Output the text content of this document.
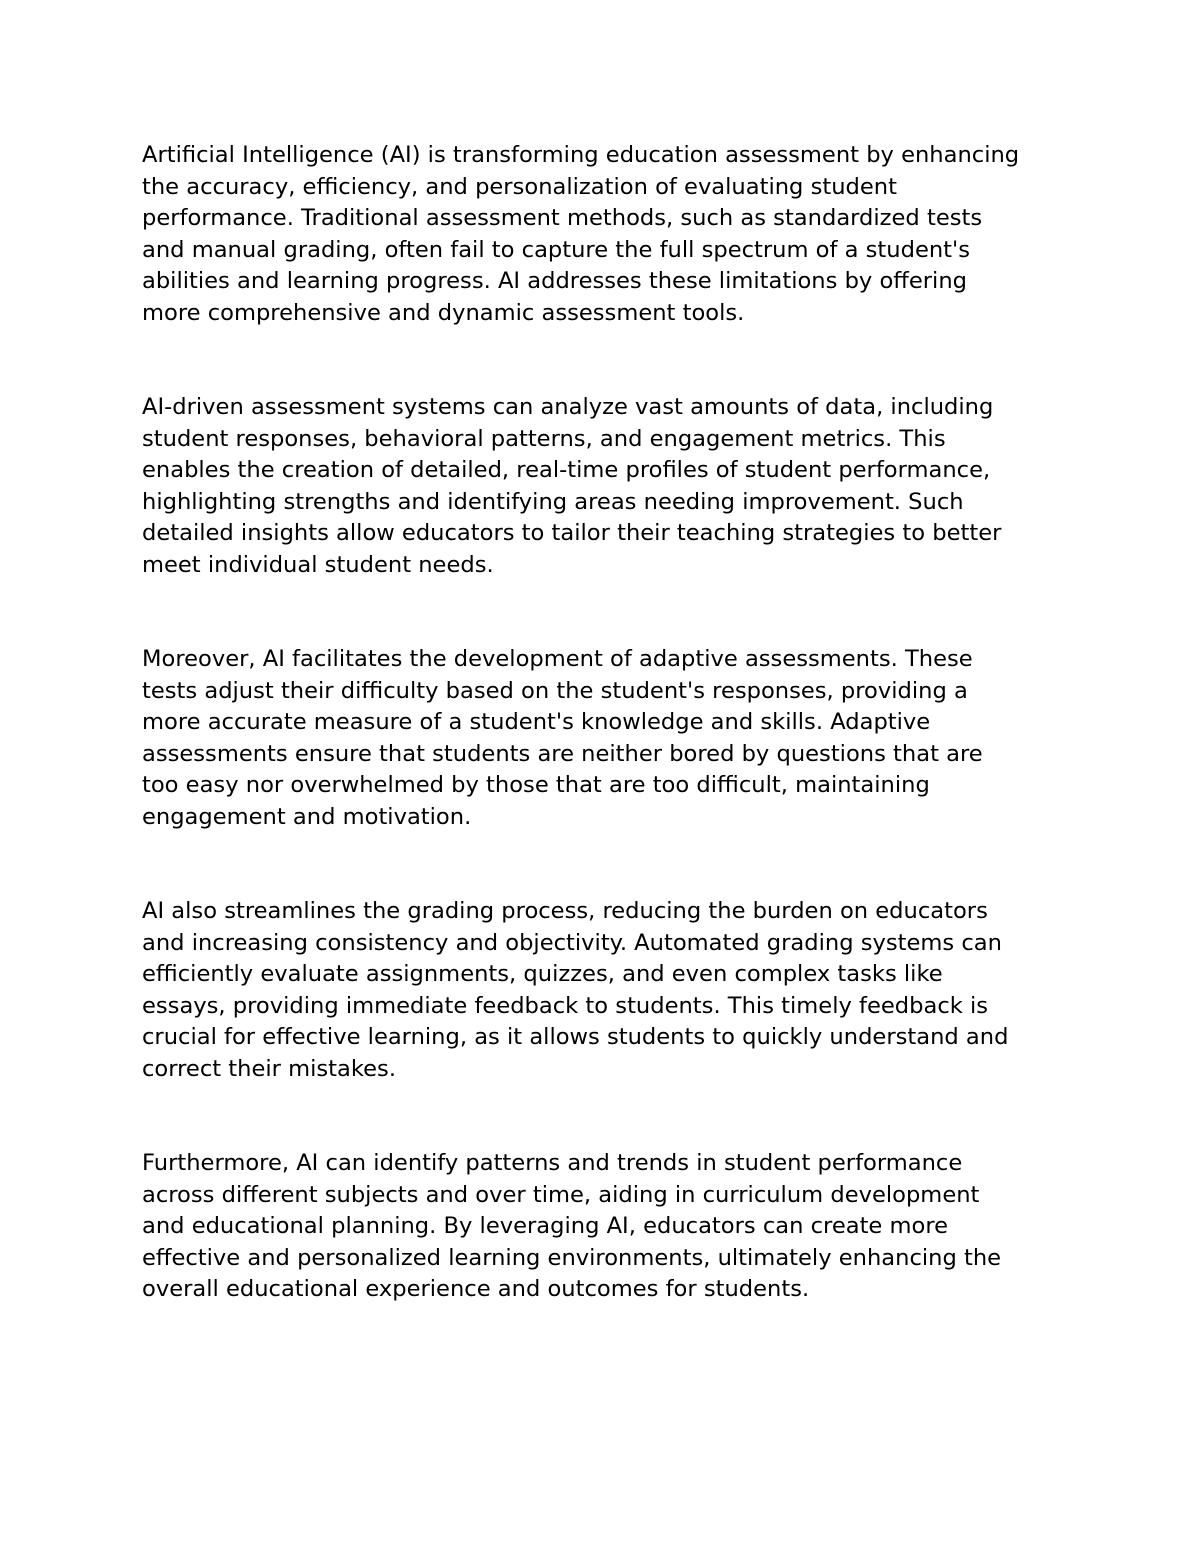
Artificial Intelligence (AI) is transforming education assessment by enhancing
the accuracy, efficiency, and personalization of evaluating student
performance. Traditional assessment methods, such as standardized tests
and manual grading, often fail to capture the full spectrum of a student's
abilities and learning progress. AI addresses these limitations by offering
more comprehensive and dynamic assessment tools.
AI-driven assessment systems can analyze vast amounts of data, including
student responses, behavioral patterns, and engagement metrics. This
enables the creation of detailed, real-time profiles of student performance,
highlighting strengths and identifying areas needing improvement. Such
detailed insights allow educators to tailor their teaching strategies to better
meet individual student needs.
Moreover, AI facilitates the development of adaptive assessments. These
tests adjust their difficulty based on the student's responses, providing a
more accurate measure of a student's knowledge and skills. Adaptive
assessments ensure that students are neither bored by questions that are
too easy nor overwhelmed by those that are too difficult, maintaining
engagement and motivation.
AI also streamlines the grading process, reducing the burden on educators
and increasing consistency and objectivity. Automated grading systems can
efficiently evaluate assignments, quizzes, and even complex tasks like
essays, providing immediate feedback to students. This timely feedback is
crucial for effective learning, as it allows students to quickly understand and
correct their mistakes.
Furthermore, AI can identify patterns and trends in student performance
across different subjects and over time, aiding in curriculum development
and educational planning. By leveraging AI, educators can create more
effective and personalized learning environments, ultimately enhancing the
overall educational experience and outcomes for students.
